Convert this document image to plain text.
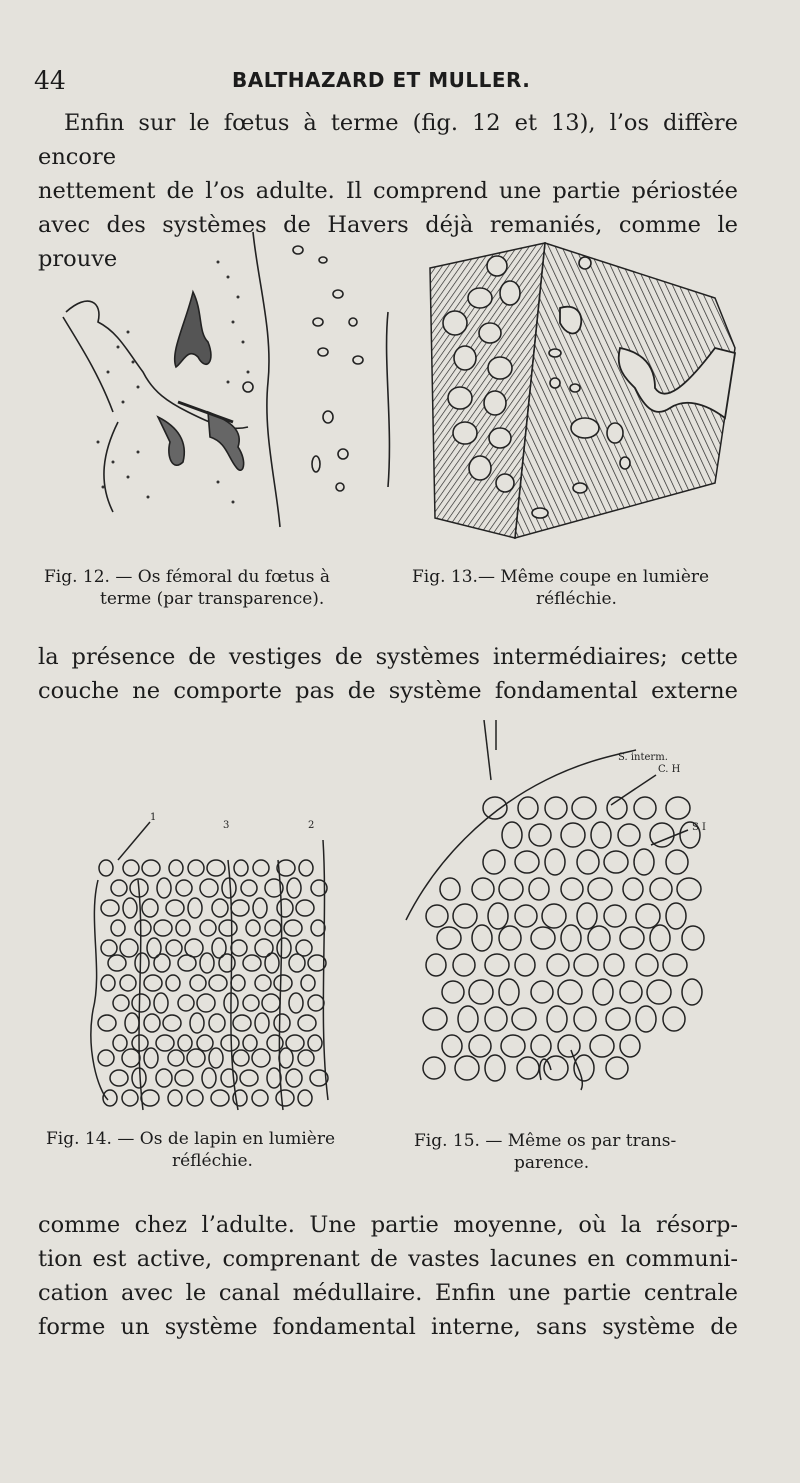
44	BALTHAZARD ET MULLER.
Enfin sur le fœtus à terme (fig. 12 et 13), l’os diffère encore
nettement de l’os adulte. Il comprend une partie périostée
avec des systèmes de Havers déjà remaniés, comme le prouve
Fig. 12. — Os fémoral du fœtus à
terme (par transparence).
Fig. 13.— Même coupe en lumière
réfléchie.
la présence de vestiges de systèmes intermédiaires; cette
couche ne comporte pas de système fondamental externe
1
3	2
S. interm.
C. H
S I
Fig. 14. — Os de lapin en lumière
réfléchie.
Fig. 15. — Même os par trans-
parence.
comme chez l’adulte. Une partie moyenne, où la résorp-
tion est active, comprenant de vastes lacunes en communi-
cation avec le canal médullaire. Enfin une partie centrale
forme un système fondamental interne, sans système de
